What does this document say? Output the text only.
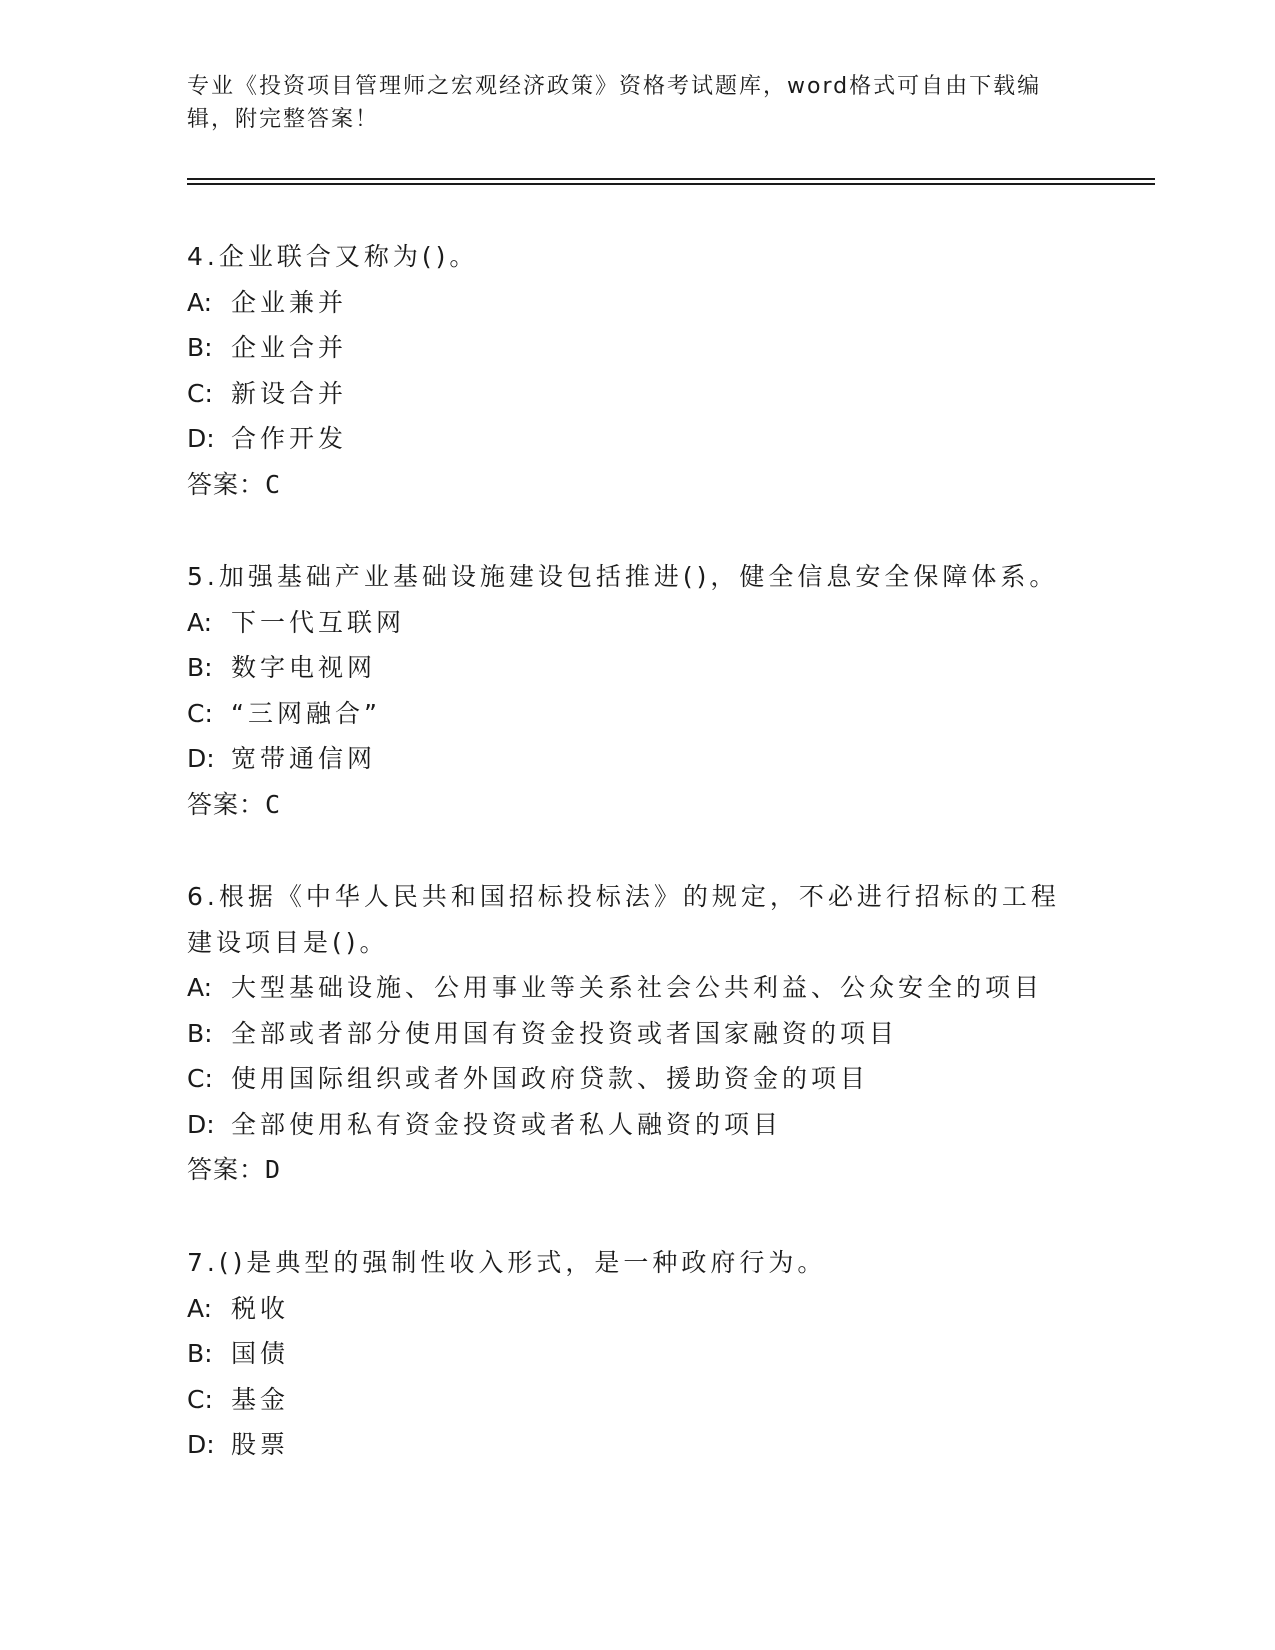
专业《投资项目管理师之宏观经济政策》资格考试题库，word格式可自由下载编
辑，附完整答案！
4.企业联合又称为()。
A: 企业兼并
B: 企业合并
C: 新设合并
D: 合作开发
答案：C
5.加强基础产业基础设施建设包括推进()，健全信息安全保障体系。
A: 下一代互联网
B: 数字电视网
C: “三网融合”
D: 宽带通信网
答案：C
6.根据《中华人民共和国招标投标法》的规定，不必进行招标的工程
建设项目是()。
A: 大型基础设施、公用事业等关系社会公共利益、公众安全的项目
B: 全部或者部分使用国有资金投资或者国家融资的项目
C: 使用国际组织或者外国政府贷款、援助资金的项目
D: 全部使用私有资金投资或者私人融资的项目
答案：D
7.()是典型的强制性收入形式，是一种政府行为。
A: 税收
B: 国债
C: 基金
D: 股票
